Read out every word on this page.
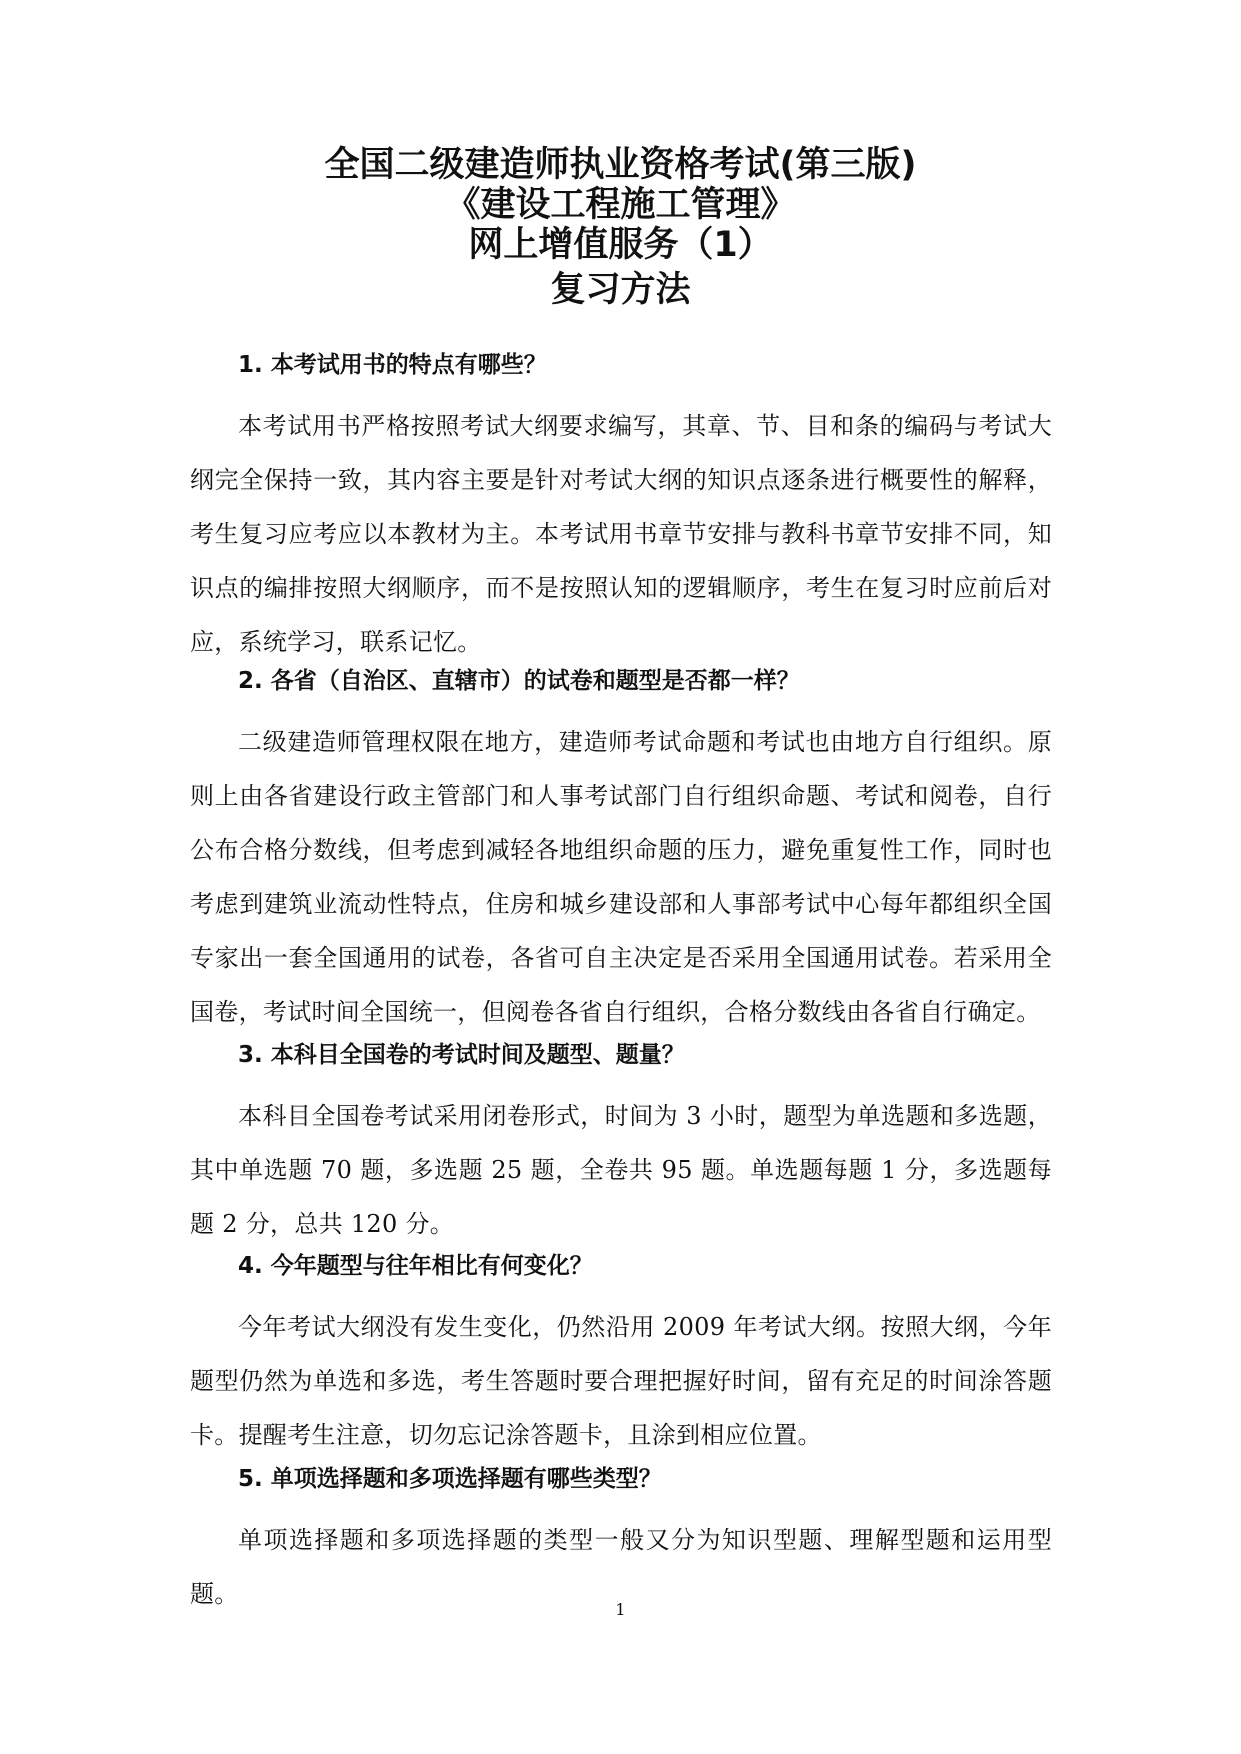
全国二级建造师执业资格考试(第三版)
《建设工程施工管理》
网上增值服务（1）
复习方法
1. 本考试用书的特点有哪些？
本考试用书严格按照考试大纲要求编写，其章、节、目和条的编码与考试大纲完全保持一致，其内容主要是针对考试大纲的知识点逐条进行概要性的解释，考生复习应考应以本教材为主。本考试用书章节安排与教科书章节安排不同，知识点的编排按照大纲顺序，而不是按照认知的逻辑顺序，考生在复习时应前后对应，系统学习，联系记忆。
2. 各省（自治区、直辖市）的试卷和题型是否都一样？
二级建造师管理权限在地方，建造师考试命题和考试也由地方自行组织。原则上由各省建设行政主管部门和人事考试部门自行组织命题、考试和阅卷，自行公布合格分数线，但考虑到减轻各地组织命题的压力，避免重复性工作，同时也考虑到建筑业流动性特点，住房和城乡建设部和人事部考试中心每年都组织全国专家出一套全国通用的试卷，各省可自主决定是否采用全国通用试卷。若采用全国卷，考试时间全国统一，但阅卷各省自行组织，合格分数线由各省自行确定。
3. 本科目全国卷的考试时间及题型、题量？
本科目全国卷考试采用闭卷形式，时间为 3 小时，题型为单选题和多选题，其中单选题 70 题，多选题 25 题，全卷共 95 题。单选题每题 1 分，多选题每题 2 分，总共 120 分。
4. 今年题型与往年相比有何变化？
今年考试大纲没有发生变化，仍然沿用 2009 年考试大纲。按照大纲，今年题型仍然为单选和多选，考生答题时要合理把握好时间，留有充足的时间涂答题卡。提醒考生注意，切勿忘记涂答题卡，且涂到相应位置。
5. 单项选择题和多项选择题有哪些类型？
单项选择题和多项选择题的类型一般又分为知识型题、理解型题和运用型题。
1
